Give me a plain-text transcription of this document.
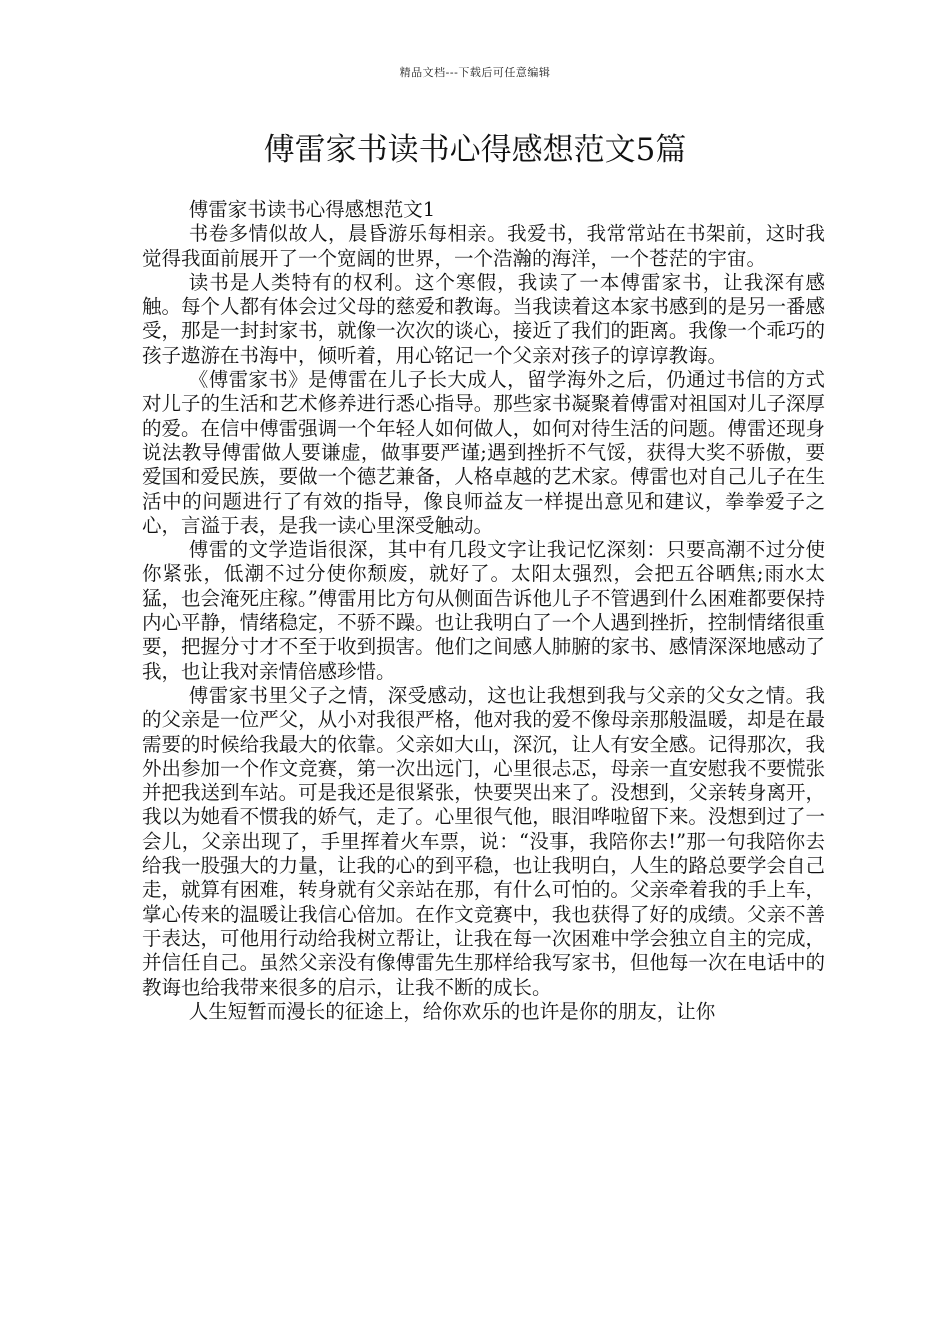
精品文档---下载后可任意编辑
傅雷家书读书心得感想范文5篇

傅雷家书读书心得感想范文1

书卷多情似故人，晨昏游乐每相亲。我爱书，我常常站在书架前，这时我觉得我面前展开了一个宽阔的世界，一个浩瀚的海洋，一个苍茫的宇宙。

读书是人类特有的权利。这个寒假，我读了一本傅雷家书，让我深有感触。每个人都有体会过父母的慈爱和教诲。当我读着这本家书感到的是另一番感受，那是一封封家书，就像一次次的谈心，接近了我们的距离。我像一个乖巧的孩子遨游在书海中，倾听着，用心铭记一个父亲对孩子的谆谆教诲。

《傅雷家书》是傅雷在儿子长大成人，留学海外之后，仍通过书信的方式对儿子的生活和艺术修养进行悉心指导。那些家书凝聚着傅雷对祖国对儿子深厚的爱。在信中傅雷强调一个年轻人如何做人，如何对待生活的问题。傅雷还现身说法教导傅雷做人要谦虚，做事要严谨;遇到挫折不气馁，获得大奖不骄傲，要爱国和爱民族，要做一个德艺兼备，人格卓越的艺术家。傅雷也对自己儿子在生活中的问题进行了有效的指导，像良师益友一样提出意见和建议，拳拳爱子之心，言溢于表，是我一读心里深受触动。

傅雷的文学造诣很深，其中有几段文字让我记忆深刻：只要高潮不过分使你紧张，低潮不过分使你颓废，就好了。太阳太强烈，会把五谷晒焦;雨水太猛，也会淹死庄稼。”傅雷用比方句从侧面告诉他儿子不管遇到什么困难都要保持内心平静，情绪稳定，不骄不躁。也让我明白了一个人遇到挫折，控制情绪很重要，把握分寸才不至于收到损害。他们之间感人肺腑的家书、感情深深地感动了我，也让我对亲情倍感珍惜。

傅雷家书里父子之情，深受感动，这也让我想到我与父亲的父女之情。我的父亲是一位严父，从小对我很严格，他对我的爱不像母亲那般温暖，却是在最需要的时候给我最大的依靠。父亲如大山，深沉，让人有安全感。记得那次，我外出参加一个作文竞赛，第一次出远门，心里很忐忑，母亲一直安慰我不要慌张并把我送到车站。可是我还是很紧张，快要哭出来了。没想到，父亲转身离开，我以为她看不惯我的娇气，走了。心里很气他，眼泪哗啦留下来。没想到过了一会儿，父亲出现了，手里挥着火车票，说：“没事，我陪你去!”那一句我陪你去给我一股强大的力量，让我的心的到平稳，也让我明白，人生的路总要学会自己走，就算有困难，转身就有父亲站在那，有什么可怕的。父亲牵着我的手上车，掌心传来的温暖让我信心倍加。在作文竞赛中，我也获得了好的成绩。父亲不善于表达，可他用行动给我树立帮让，让我在每一次困难中学会独立自主的完成，并信任自己。虽然父亲没有像傅雷先生那样给我写家书，但他每一次在电话中的教诲也给我带来很多的启示，让我不断的成长。

人生短暂而漫长的征途上，给你欢乐的也许是你的朋友，让你
